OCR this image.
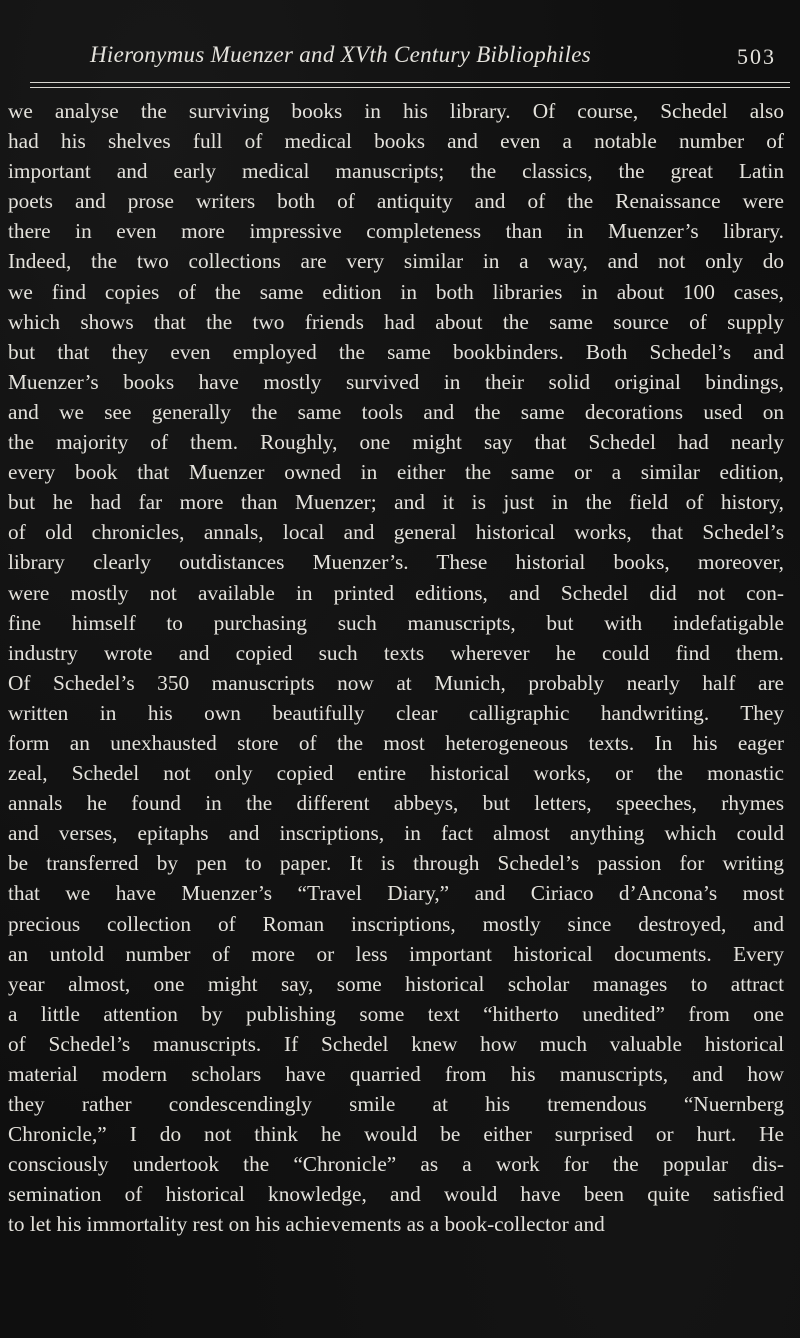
Hieronymus Muenzer and XVth Century Bibliophiles	503
we analyse the surviving books in his library. Of course, Schedel also
had his shelves full of medical books and even a notable number of
important and early medical manuscripts; the classics, the great Latin
poets and prose writers both of antiquity and of the Renaissance were
there in even more impressive completeness than in Muenzer’s library.
Indeed, the two collections are very similar in a way, and not only do
we find copies of the same edition in both libraries in about 100 cases,
which shows that the two friends had about the same source of supply
but that they even employed the same bookbinders. Both Schedel’s and
Muenzer’s books have mostly survived in their solid original bindings,
and we see generally the same tools and the same decorations used on
the majority of them. Roughly, one might say that Schedel had nearly
every book that Muenzer owned in either the same or a similar edition,
but he had far more than Muenzer; and it is just in the field of history,
of old chronicles, annals, local and general historical works, that Schedel’s
library clearly outdistances Muenzer’s. These historial books, moreover,
were mostly not available in printed editions, and Schedel did not con-
fine himself to purchasing such manuscripts, but with indefatigable
industry wrote and copied such texts wherever he could find them.
Of Schedel’s 350 manuscripts now at Munich, probably nearly half are
written in his own beautifully clear calligraphic handwriting. They
form an unexhausted store of the most heterogeneous texts. In his eager
zeal, Schedel not only copied entire historical works, or the monastic
annals he found in the different abbeys, but letters, speeches, rhymes
and verses, epitaphs and inscriptions, in fact almost anything which could
be transferred by pen to paper. It is through Schedel’s passion for writing
that we have Muenzer’s “Travel Diary,” and Ciriaco d’Ancona’s most
precious collection of Roman inscriptions, mostly since destroyed, and
an untold number of more or less important historical documents. Every
year almost, one might say, some historical scholar manages to attract
a little attention by publishing some text “hitherto unedited” from one
of Schedel’s manuscripts. If Schedel knew how much valuable historical
material modern scholars have quarried from his manuscripts, and how
they rather condescendingly smile at his tremendous “Nuernberg
Chronicle,” I do not think he would be either surprised or hurt. He
consciously undertook the “Chronicle” as a work for the popular dis-
semination of historical knowledge, and would have been quite satisfied
to let his immortality rest on his achievements as a book-collector and
